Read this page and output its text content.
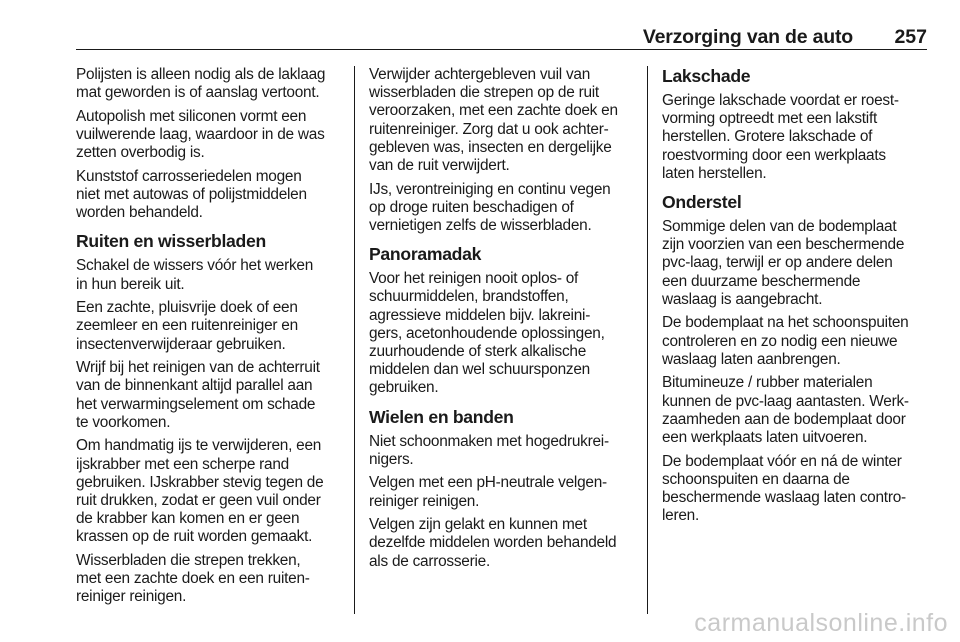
Verzorging van de auto 257

Polijsten is alleen nodig als de laklaag
mat geworden is of aanslag vertoont.

Autopolish met siliconen vormt een
vuilwerende laag, waardoor in de was
zetten overbodig is.

Kunststof carrosseriedelen mogen
niet met autowas of polijstmiddelen
worden behandeld.

Ruiten en wisserbladen

Schakel de wissers vóór het werken
in hun bereik uit.

Een zachte, pluisvrije doek of een
zeemleer en een ruitenreiniger en
insectenverwijderaar gebruiken.

Wrijf bij het reinigen van de achterruit
van de binnenkant altijd parallel aan
het verwarmingselement om schade
te voorkomen.

Om handmatig ijs te verwijderen, een
ijskrabber met een scherpe rand
gebruiken. IJskrabber stevig tegen de
ruit drukken, zodat er geen vuil onder
de krabber kan komen en er geen
krassen op de ruit worden gemaakt.

Wisserbladen die strepen trekken,
met een zachte doek en een ruiten-
reiniger reinigen.

Verwijder achtergebleven vuil van
wisserbladen die strepen op de ruit
veroorzaken, met een zachte doek en
ruitenreiniger. Zorg dat u ook achter-
gebleven was, insecten en dergelijke
van de ruit verwijdert.

IJs, verontreiniging en continu vegen
op droge ruiten beschadigen of
vernietigen zelfs de wisserbladen.

Panoramadak

Voor het reinigen nooit oplos- of
schuurmiddelen, brandstoffen,
agressieve middelen bijv. lakreini-
gers, acetonhoudende oplossingen,
zuurhoudende of sterk alkalische
middelen dan wel schuursponzen
gebruiken.

Wielen en banden

Niet schoonmaken met hogedrukrei-
nigers.

Velgen met een pH-neutrale velgen-
reiniger reinigen.

Velgen zijn gelakt en kunnen met
dezelfde middelen worden behandeld
als de carrosserie.

Lakschade

Geringe lakschade voordat er roest-
vorming optreedt met een lakstift
herstellen. Grotere lakschade of
roestvorming door een werkplaats
laten herstellen.

Onderstel

Sommige delen van de bodemplaat
zijn voorzien van een beschermende
pvc-laag, terwijl er op andere delen
een duurzame beschermende
waslaag is aangebracht.

De bodemplaat na het schoonspuiten
controleren en zo nodig een nieuwe
waslaag laten aanbrengen.

Bitumineuze / rubber materialen
kunnen de pvc-laag aantasten. Werk-
zaamheden aan de bodemplaat door
een werkplaats laten uitvoeren.

De bodemplaat vóór en ná de winter
schoonspuiten en daarna de
beschermende waslaag laten contro-
leren.

carmanualsonline.info
